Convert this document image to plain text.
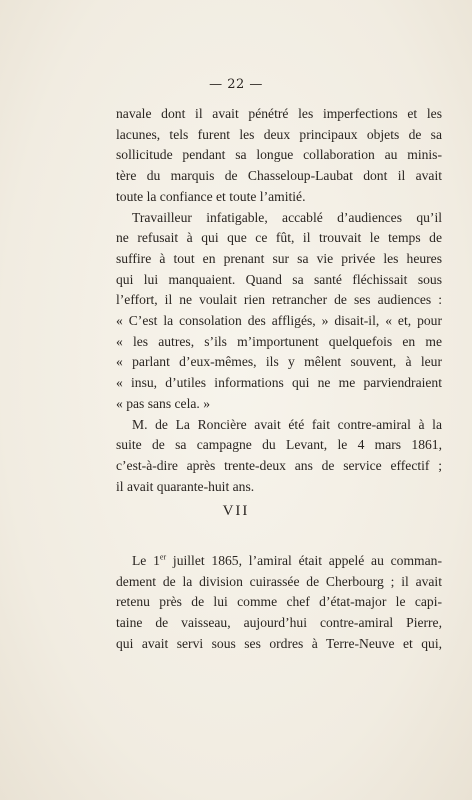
— 22 —
navale dont il avait pénétré les imperfections et les
lacunes, tels furent les deux principaux objets de sa
sollicitude pendant sa longue collaboration au minis-
tère du marquis de Chasseloup-Laubat dont il avait
toute la confiance et toute l’amitié.
Travailleur infatigable, accablé d’audiences qu’il
ne refusait à qui que ce fût, il trouvait le temps de
suffire à tout en prenant sur sa vie privée les heures
qui lui manquaient. Quand sa santé fléchissait sous
l’effort, il ne voulait rien retrancher de ses audiences :
« C’est la consolation des affligés, » disait-il, « et, pour
« les autres, s’ils m’importunent quelquefois en me
« parlant d’eux-mêmes, ils y mêlent souvent, à leur
« insu, d’utiles informations qui ne me parviendraient
« pas sans cela. »
M. de La Roncière avait été fait contre-amiral à la
suite de sa campagne du Levant, le 4 mars 1861,
c’est-à-dire après trente-deux ans de service effectif ;
il avait quarante-huit ans.
VII
Le 1er juillet 1865, l’amiral était appelé au comman-
dement de la division cuirassée de Cherbourg ; il avait
retenu près de lui comme chef d’état-major le capi-
taine de vaisseau, aujourd’hui contre-amiral Pierre,
qui avait servi sous ses ordres à Terre-Neuve et qui,
